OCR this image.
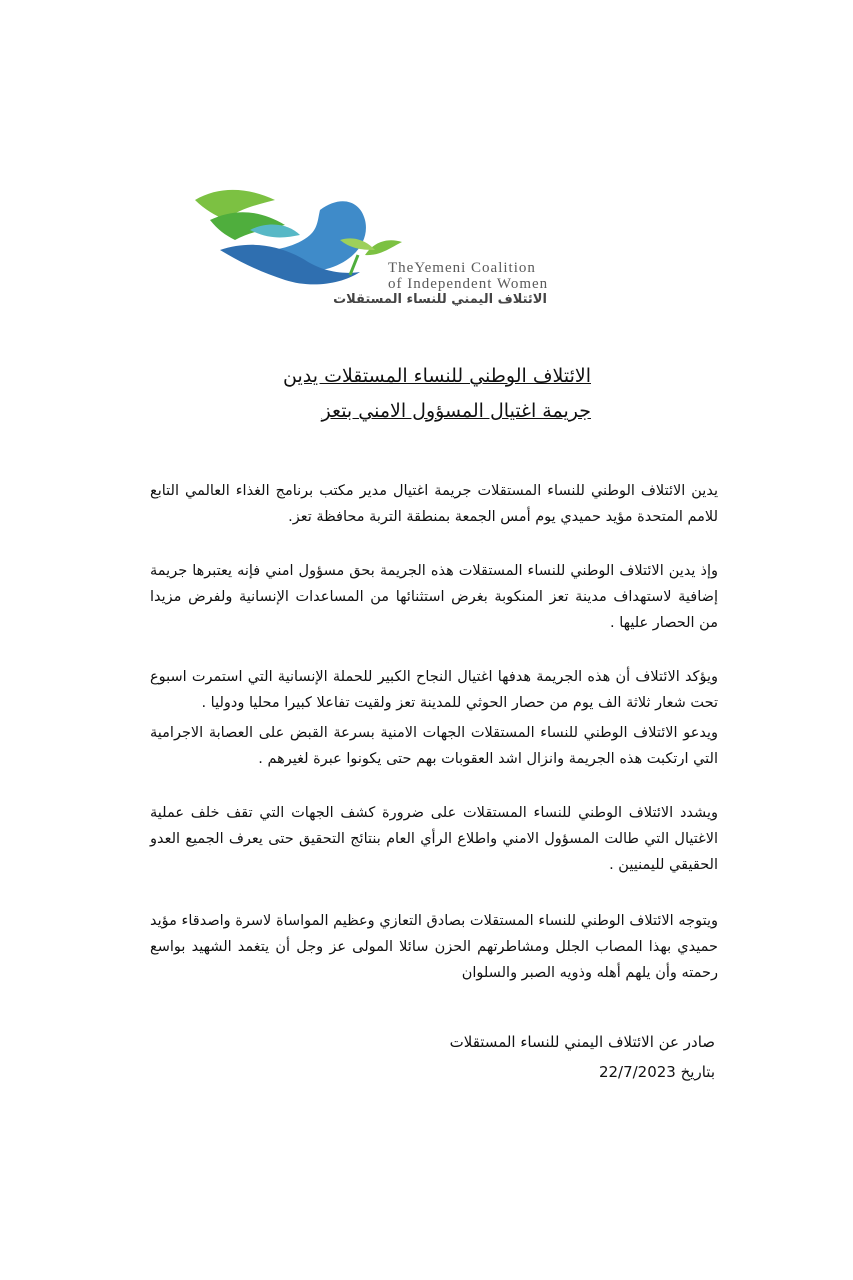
TheYemeni Coalition
of Independent Women
الائتلاف اليمني للنساء المستقلات
الائتلاف الوطني للنساء المستقلات يدين
جريمة اغتيال المسؤول الامني بتعز
يدين الائتلاف الوطني للنساء المستقلات جريمة اغتيال مدير مكتب برنامج الغذاء العالمي التابع للامم المتحدة مؤيد حميدي يوم أمس الجمعة بمنطقة التربة محافظة تعز.
وإذ يدين الائتلاف الوطني للنساء المستقلات هذه الجريمة بحق مسؤول امني فإنه يعتبرها جريمة إضافية لاستهداف مدينة تعز المنكوبة بغرض استثنائها من المساعدات الإنسانية ولفرض مزيدا من الحصار عليها .
ويؤكد الائتلاف أن هذه الجريمة هدفها اغتيال النجاح الكبير للحملة الإنسانية التي استمرت اسبوع تحت شعار ثلاثة الف يوم من حصار الحوثي للمدينة تعز ولقيت تفاعلا كبيرا محليا ودوليا .
ويدعو الائتلاف الوطني للنساء المستقلات الجهات الامنية بسرعة القبض على العصابة الاجرامية التي ارتكبت هذه الجريمة وانزال اشد العقوبات بهم حتى يكونوا عبرة لغيرهم .
ويشدد الائتلاف الوطني للنساء المستقلات على ضرورة كشف الجهات التي تقف خلف عملية الاغتيال التي طالت المسؤول الامني واطلاع الرأي العام بنتائج التحقيق حتى يعرف الجميع العدو الحقيقي لليمنيين .
ويتوجه الائتلاف الوطني للنساء المستقلات بصادق التعازي وعظيم المواساة لاسرة واصدقاء مؤيد حميدي بهذا المصاب الجلل ومشاطرتهم الحزن سائلا المولى عز وجل أن يتغمد الشهيد بواسع رحمته وأن يلهم أهله وذويه الصبر والسلوان
صادر عن الائتلاف اليمني للنساء المستقلات
بتاريخ 22/7/2023
